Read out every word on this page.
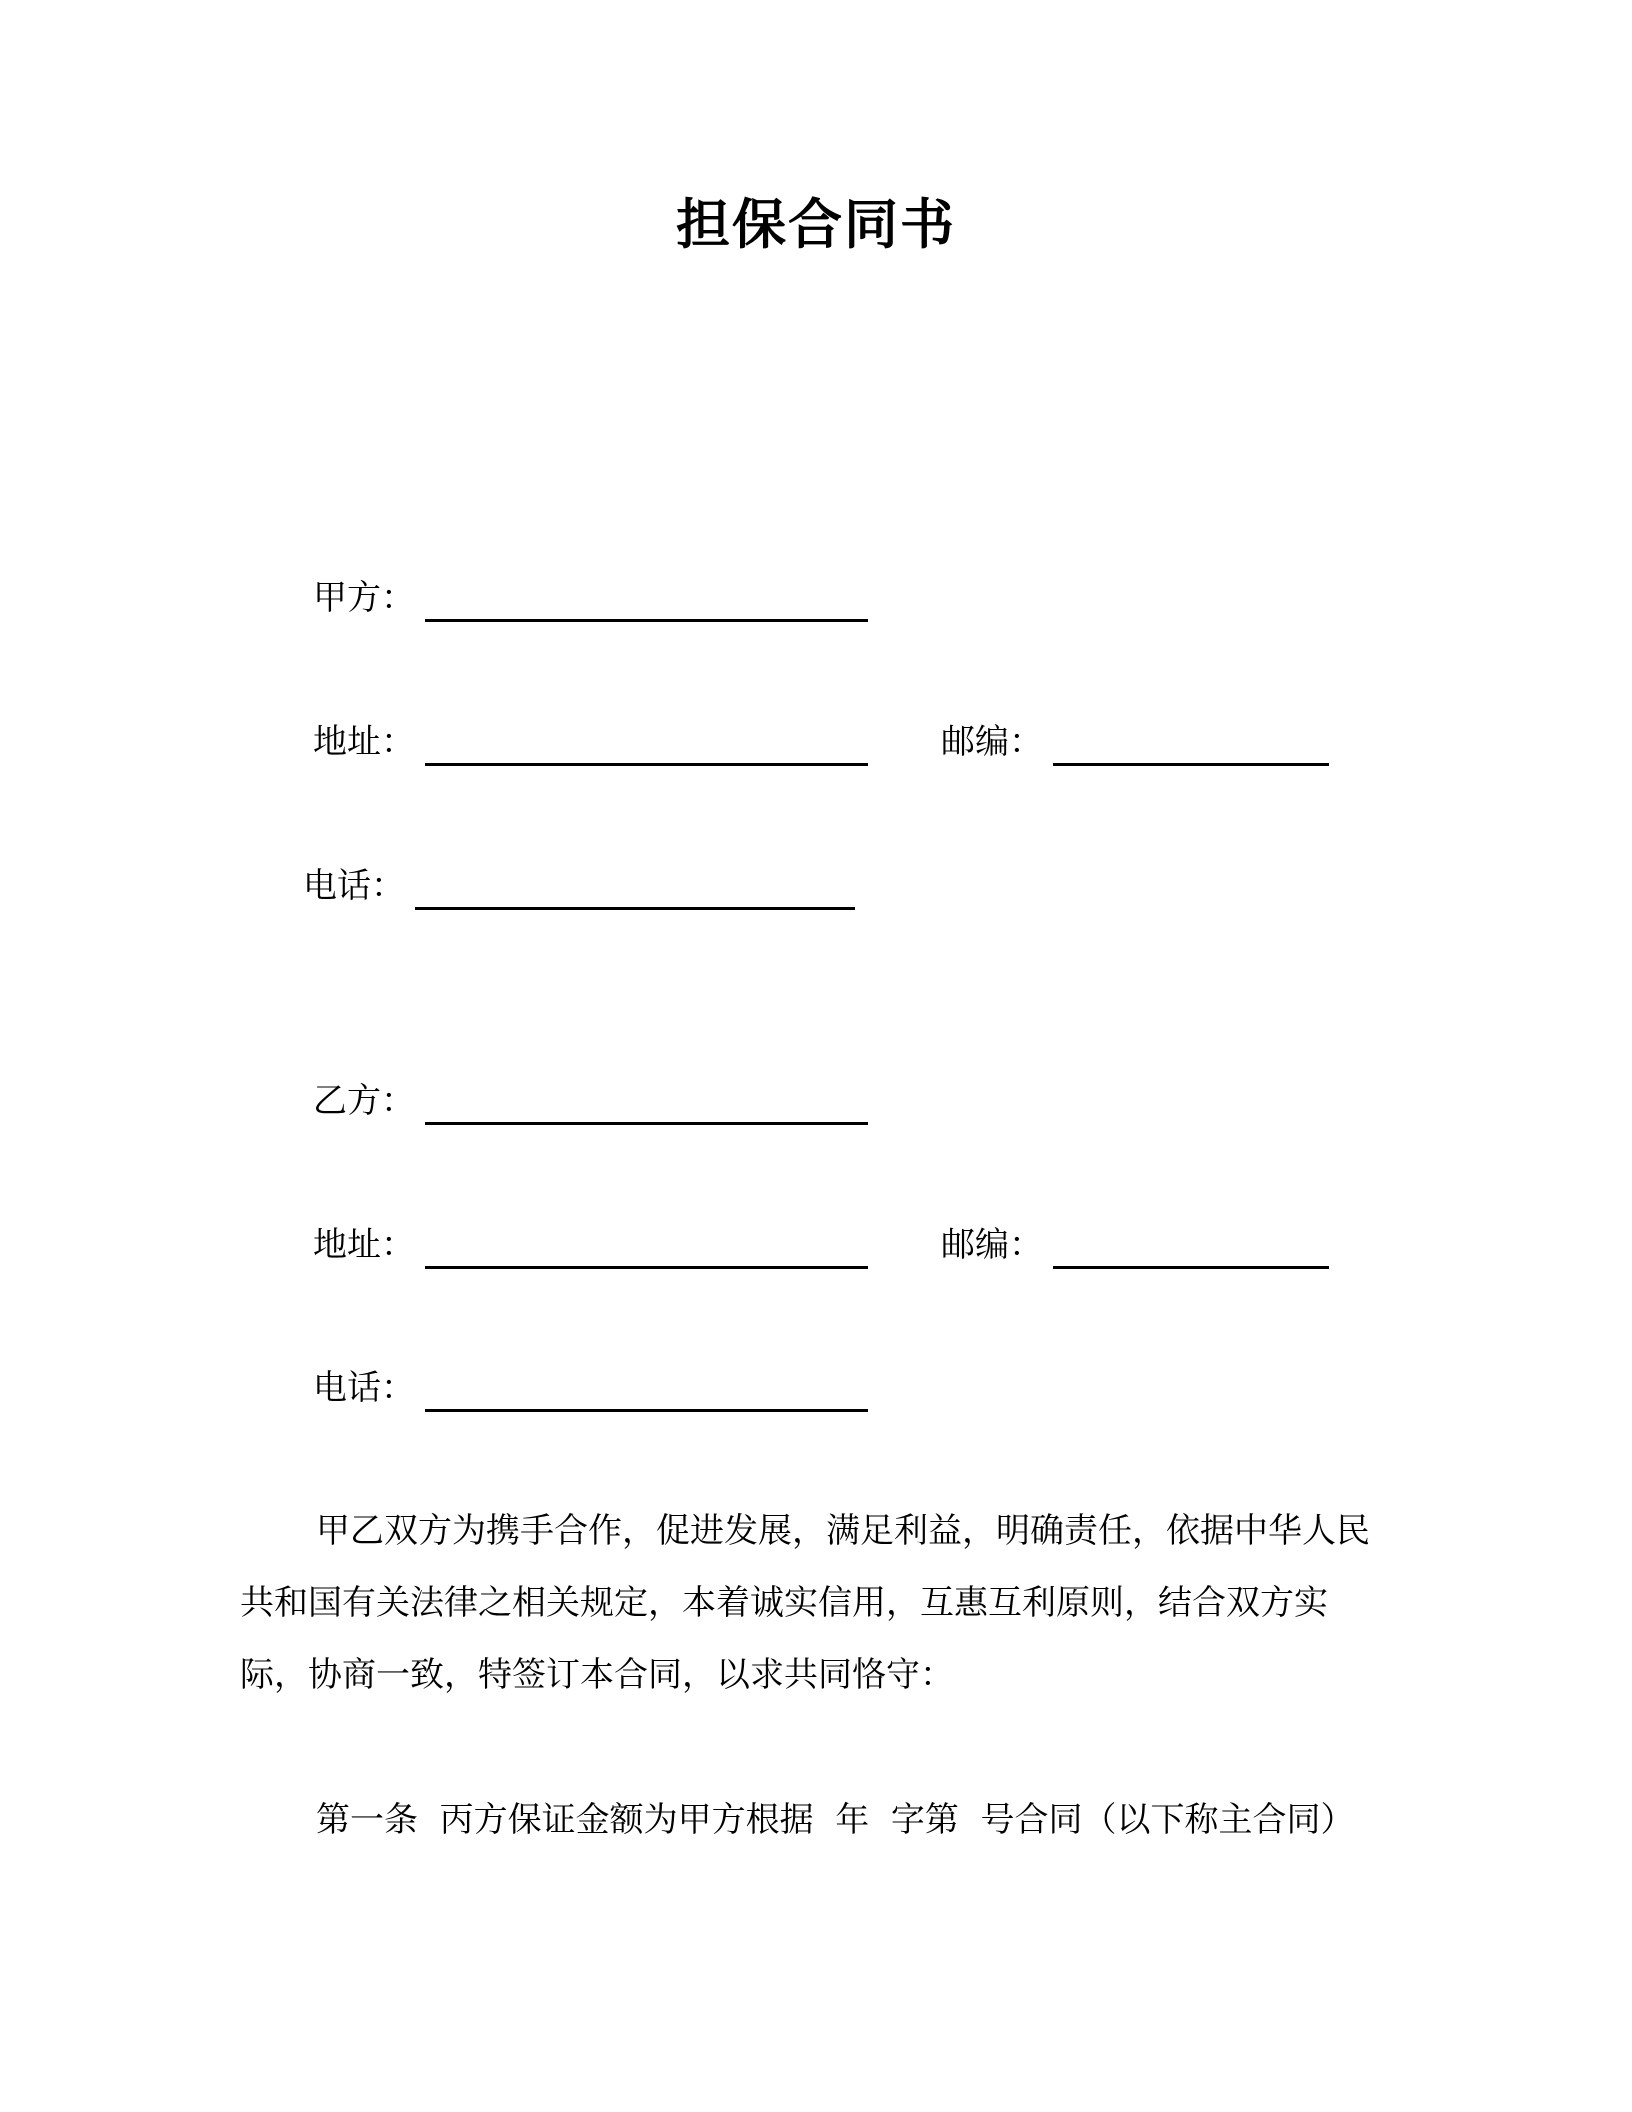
担保合同书
甲方：
地址：	邮编：
电话：
乙方：
地址：	邮编：
电话：

甲乙双方为携手合作，促进发展，满足利益，明确责任，依据中华人民共和国有关法律之相关规定，本着诚实信用，互惠互利原则，结合双方实际，协商一致，特签订本合同，以求共同恪守：

第一条  丙方保证金额为甲方根据  年  字第  号合同（以下称主合同）
